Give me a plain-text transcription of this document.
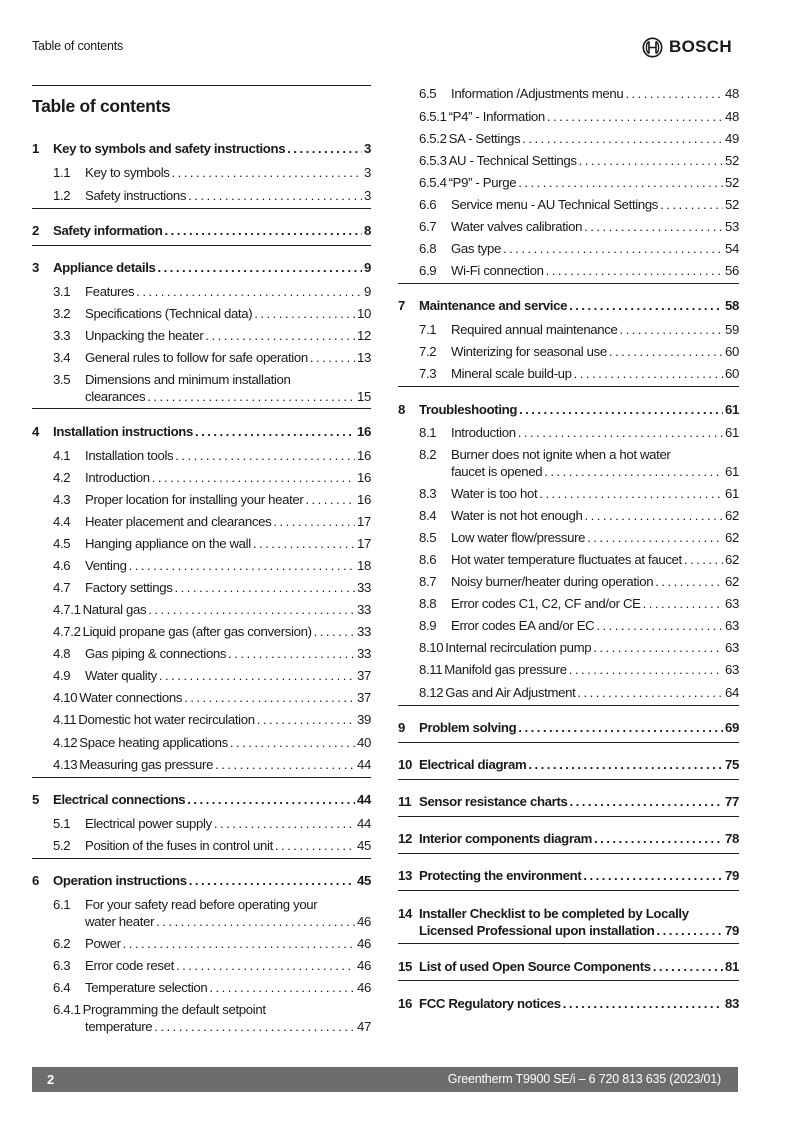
Table of contents	BOSCH
Table of contents
1	Key to symbols and safety instructions . . .	3
1.1	Key to symbols . . .	3
1.2	Safety instructions . . .	3
2	Safety information . . .	8
3	Appliance details . . .	9
3.1	Features . . .	9
3.2	Specifications (Technical data) . . .	10
3.3	Unpacking the heater . . .	12
3.4	General rules to follow for safe operation . . .	13
3.5	Dimensions and minimum installation
clearances . . .	15
4	Installation instructions . . .	16
4.1	Installation tools . . .	16
4.2	Introduction . . .	16
4.3	Proper location for installing your heater . . .	16
4.4	Heater placement and clearances . . .	17
4.5	Hanging appliance on the wall . . .	17
4.6	Venting . . .	18
4.7	Factory settings . . .	33
4.7.1 Natural gas . . .	33
4.7.2 Liquid propane gas (after gas conversion) . . .	33
4.8	Gas piping & connections . . .	33
4.9	Water quality . . .	37
4.10 Water connections . . .	37
4.11 Domestic hot water recirculation . . .	39
4.12 Space heating applications . . .	40
4.13 Measuring gas pressure . . .	44
5	Electrical connections . . .	44
5.1	Electrical power supply . . .	44
5.2	Position of the fuses in control unit . . .	45
6	Operation instructions . . .	45
6.1	For your safety read before operating your
water heater . . .	46
6.2	Power . . .	46
6.3	Error code reset . . .	46
6.4	Temperature selection . . .	46
6.4.1 Programming the default setpoint
temperature . . .	47
6.5	Information /Adjustments menu . . .	48
6.5.1 “P4” - Information . . .	48
6.5.2 SA - Settings . . .	49
6.5.3 AU - Technical Settings . . .	52
6.5.4 “P9” - Purge . . .	52
6.6	Service menu - AU Technical Settings . . .	52
6.7	Water valves calibration . . .	53
6.8	Gas type . . .	54
6.9	Wi-Fi connection . . .	56
7	Maintenance and service . . .	58
7.1	Required annual maintenance . . .	59
7.2	Winterizing for seasonal use . . .	60
7.3	Mineral scale build-up . . .	60
8	Troubleshooting . . .	61
8.1	Introduction . . .	61
8.2	Burner does not ignite when a hot water
faucet is opened . . .	61
8.3	Water is too hot . . .	61
8.4	Water is not hot enough . . .	62
8.5	Low water flow/pressure . . .	62
8.6	Hot water temperature fluctuates at faucet . . .	62
8.7	Noisy burner/heater during operation . . .	62
8.8	Error codes C1, C2, CF and/or CE . . .	63
8.9	Error codes EA and/or EC . . .	63
8.10 Internal recirculation pump . . .	63
8.11 Manifold gas pressure . . .	63
8.12 Gas and Air Adjustment . . .	64
9	Problem solving . . .	69
10 Electrical diagram . . .	75
11 Sensor resistance charts . . .	77
12 Interior components diagram . . .	78
13 Protecting the environment . . .	79
14 Installer Checklist to be completed by Locally
Licensed Professional upon installation . . .	79
15 List of used Open Source Components . . .	81
16 FCC Regulatory notices . . .	83
2	Greentherm T9900 SE/i – 6 720 813 635 (2023/01)
